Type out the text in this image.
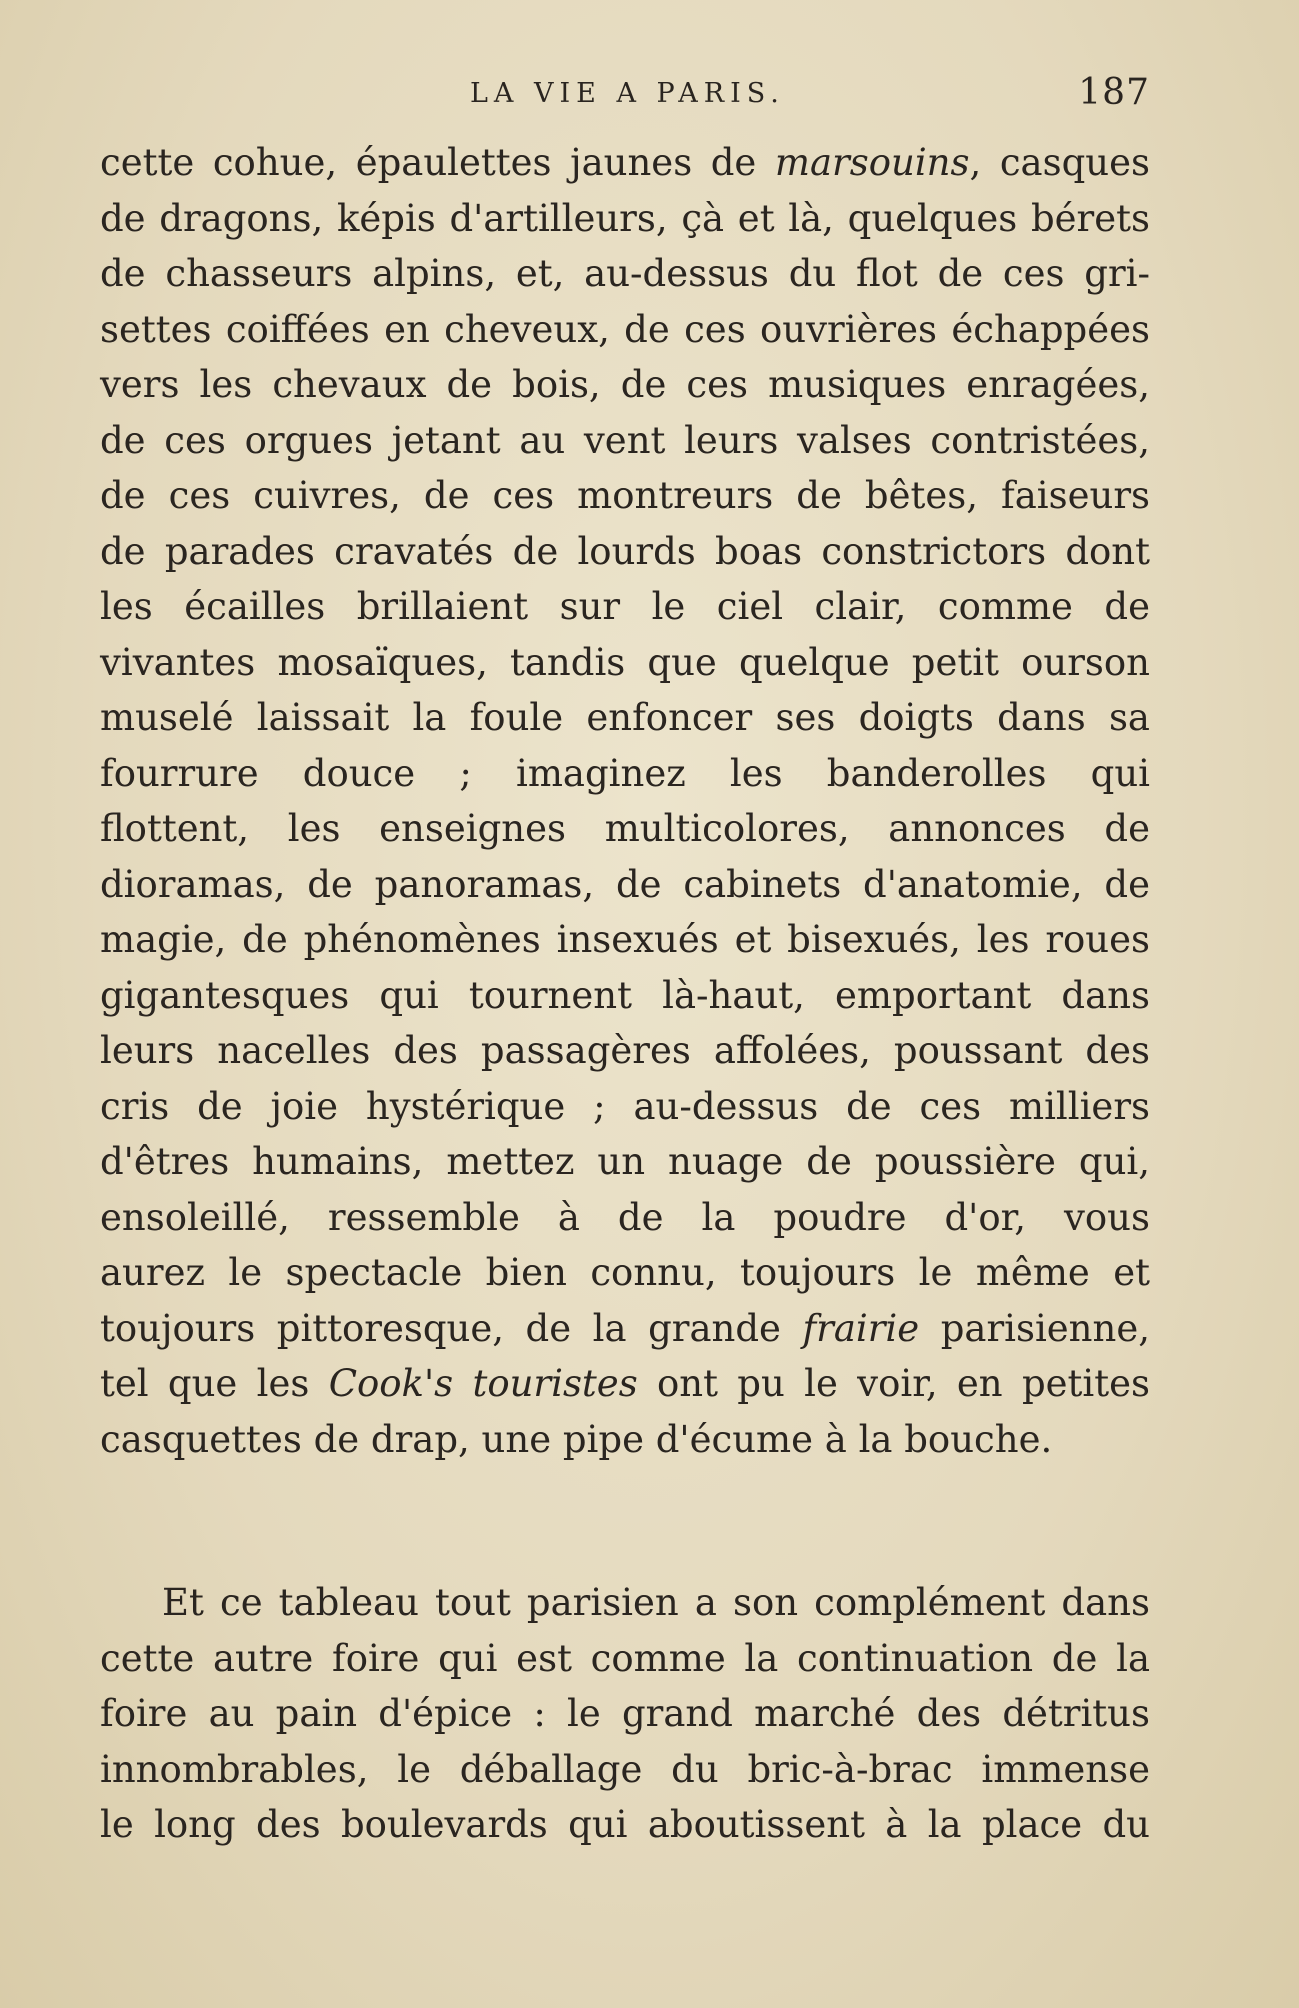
LA VIE A PARIS.	187
cette cohue, épaulettes jaunes de marsouins, casques
de dragons, képis d'artilleurs, çà et là, quelques bérets
de chasseurs alpins, et, au-dessus du flot de ces gri-
settes coiffées en cheveux, de ces ouvrières échappées
vers les chevaux de bois, de ces musiques enragées,
de ces orgues jetant au vent leurs valses contristées,
de ces cuivres, de ces montreurs de bêtes, faiseurs
de parades cravatés de lourds boas constrictors dont
les écailles brillaient sur le ciel clair, comme de
vivantes mosaïques, tandis que quelque petit ourson
muselé laissait la foule enfoncer ses doigts dans sa
fourrure douce ; imaginez les banderolles qui
flottent, les enseignes multicolores, annonces de
dioramas, de panoramas, de cabinets d'anatomie, de
magie, de phénomènes insexués et bisexués, les roues
gigantesques qui tournent là-haut, emportant dans
leurs nacelles des passagères affolées, poussant des
cris de joie hystérique ; au-dessus de ces milliers
d'êtres humains, mettez un nuage de poussière qui,
ensoleillé, ressemble à de la poudre d'or, vous
aurez le spectacle bien connu, toujours le même et
toujours pittoresque, de la grande frairie parisienne,
tel que les Cook's touristes ont pu le voir, en petites
casquettes de drap, une pipe d'écume à la bouche.
Et ce tableau tout parisien a son complément dans
cette autre foire qui est comme la continuation de la
foire au pain d'épice : le grand marché des détritus
innombrables, le déballage du bric-à-brac immense
le long des boulevards qui aboutissent à la place du
